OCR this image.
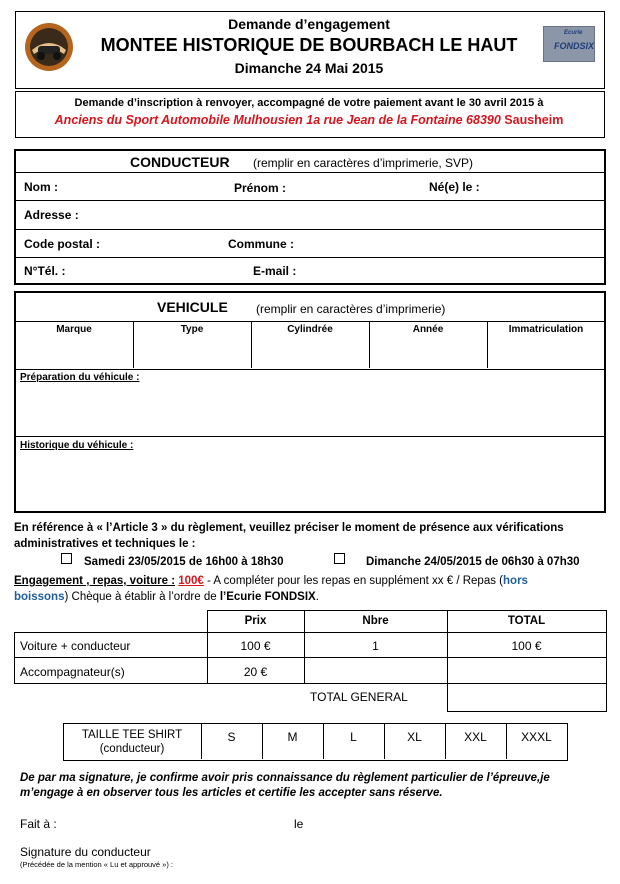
Demande d’engagement
MONTEE HISTORIQUE DE BOURBACH LE HAUT
Dimanche 24 Mai 2015
Ecurie
FONDSIX
Demande d’inscription à renvoyer, accompagné de votre paiement avant le 30 avril 2015 à
Anciens du Sport Automobile Mulhousien 1a rue Jean de la Fontaine 68390 Sausheim
CONDUCTEUR (remplir en caractères d’imprimerie, SVP)
Nom :	Prénom :	Né(e) le :
Adresse :
Code postal :	Commune :
N°Tél. :	E-mail :
VEHICULE (remplir en caractères d’imprimerie)
Marque	Type	Cylindrée	Année	Immatriculation
Préparation du véhicule :
Historique du véhicule :
En référence à « l’Article 3 » du règlement, veuillez préciser le moment de présence aux vérifications
administratives et techniques le :
Samedi 23/05/2015 de 16h00 à 18h30	Dimanche 24/05/2015 de 06h30 à 07h30
Engagement , repas, voiture : 100€ - A compléter pour les repas en supplément xx € / Repas (hors
boissons) Chèque à établir à l’ordre de l’Ecurie FONDSIX.
Prix	Nbre	TOTAL
Voiture + conducteur	100 €	1	100 €
Accompagnateur(s)	20 €
TOTAL GENERAL
TAILLE TEE SHIRT
(conducteur)
S	M	L	XL	XXL	XXXL
De par ma signature, je confirme avoir pris connaissance du règlement particulier de l’épreuve,je
m’engage à en observer tous les articles et certifie les accepter sans réserve.
Fait à :	le
Signature du conducteur
(Précédée de la mention « Lu et approuvé ») :
